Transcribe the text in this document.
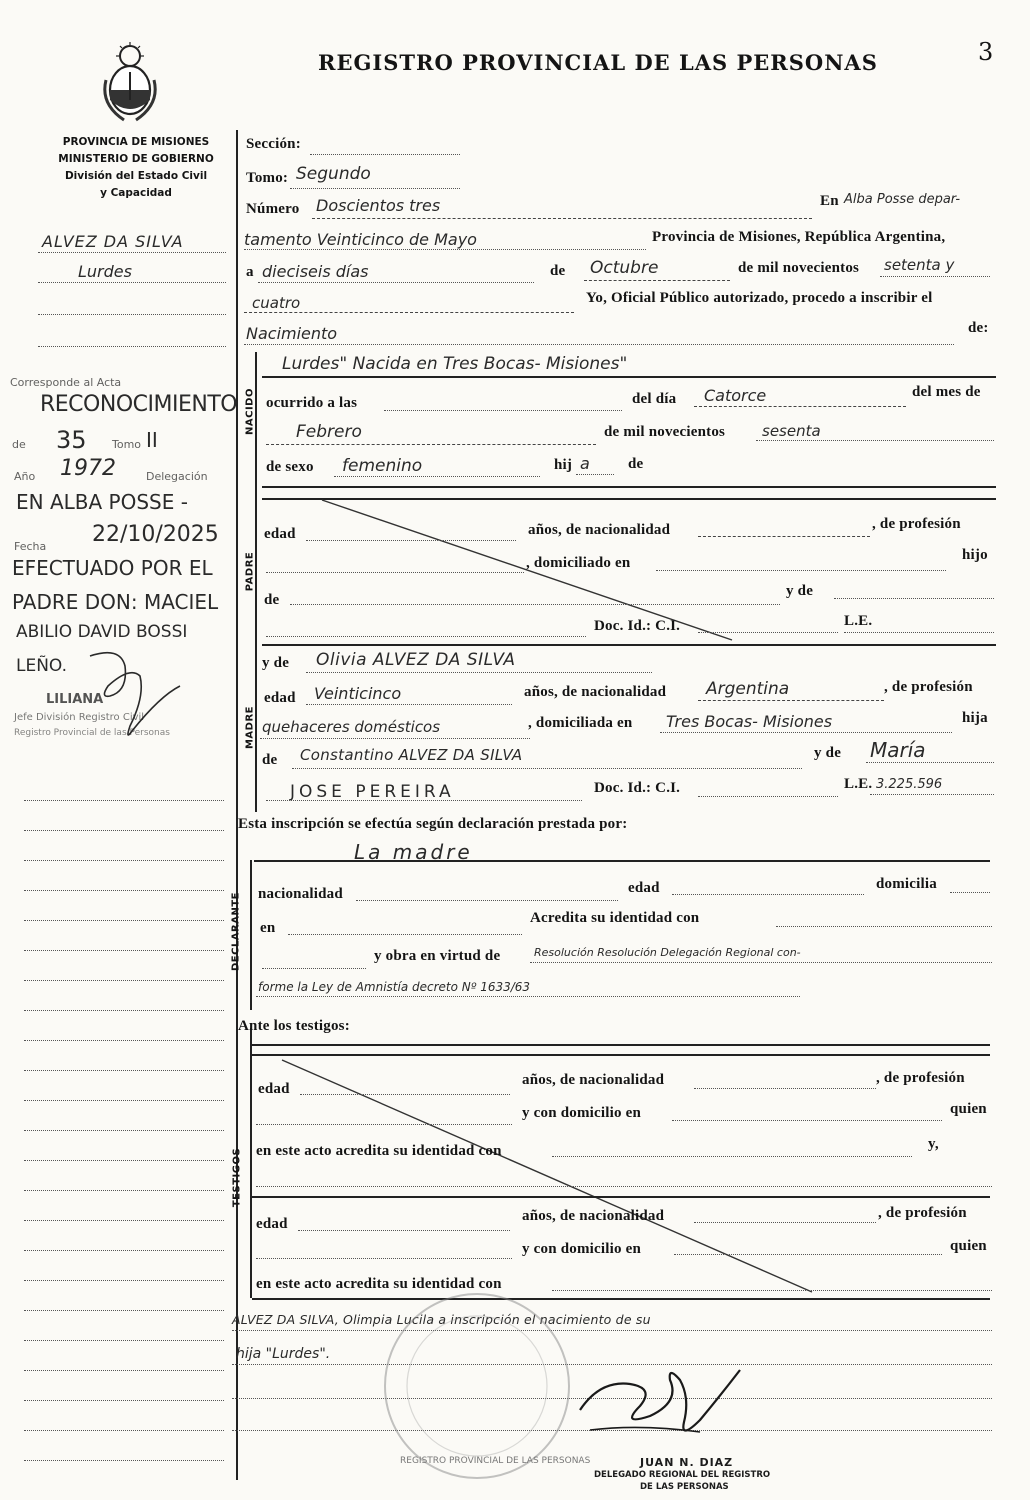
REGISTRO PROVINCIAL DE LAS PERSONAS	3
PROVINCIA DE MISIONES
MINISTERIO DE GOBIERNO
División del Estado Civil
y Capacidad
ALVEZ DA SILVA
Lurdes
Corresponde al Acta
RECONOCIMIENTO
de 35 Tomo II
Año 1972	Delegación
EN ALBA POSSE -
Fecha 22/10/2025
EFECTUADO POR EL
PADRE DON: MACIEL
ABILIO DAVID BOSSI
LEÑO.
LILIANA
Jefe División Registro Civil
Registro Provincial de las Personas
Sección:
Tomo: Segundo
Número Doscientos tres	En Alba Posse depar-
tamento Veinticinco de Mayo	Provincia de Misiones, República Argentina,
a dieciseis días	de Octubre	de mil novecientos setenta y
cuatro	Yo, Oficial Público autorizado, procedo a inscribir el
Nacimiento	de:
NACIDO
Lurdes" Nacida en Tres Bocas- Misiones"
ocurrido a las	del día Catorce	del mes de
Febrero	de mil novecientos sesenta
de sexo femenino	hij a	de
PADRE
edad	años, de nacionalidad	, de profesión
, domiciliado en	hijo
de
y de
Doc. Id.: C.I.	L.E.
MADRE
y de Olivia ALVEZ DA SILVA
edad Veinticinco	años, de nacionalidad Argentina	, de profesión
quehaceres domésticos	, domiciliada en Tres Bocas- Misiones	hija
de Constantino ALVEZ DA SILVA	y de María
JOSE PEREIRA	Doc. Id.: C.I.	L.E. 3.225.596
Esta inscripción se efectúa según declaración prestada por:
La madre
DECLARANTE nacionalidad	edad	domicilia
en
Acredita su identidad con
y obra en virtud de	Resolución Resolución Delegación Regional con-
forme la Ley de Amnistía decreto Nº 1633/63
Ante los testigos:
TESTIGOS
edad
años, de nacionalidad	, de profesión
y con domicilio en	quien
en este acto acredita su identidad con	y,
edad	años, de nacionalidad	, de profesión
y con domicilio en	quien
en este acto acredita su identidad con
ALVEZ DA SILVA, Olimpia Lucila a inscripción el nacimiento de su
hija "Lurdes".
REGISTRO PROVINCIAL DE LAS PERSONAS	JUAN N. DIAZ
DELEGADO REGIONAL DEL REGISTRO
DE LAS PERSONAS
